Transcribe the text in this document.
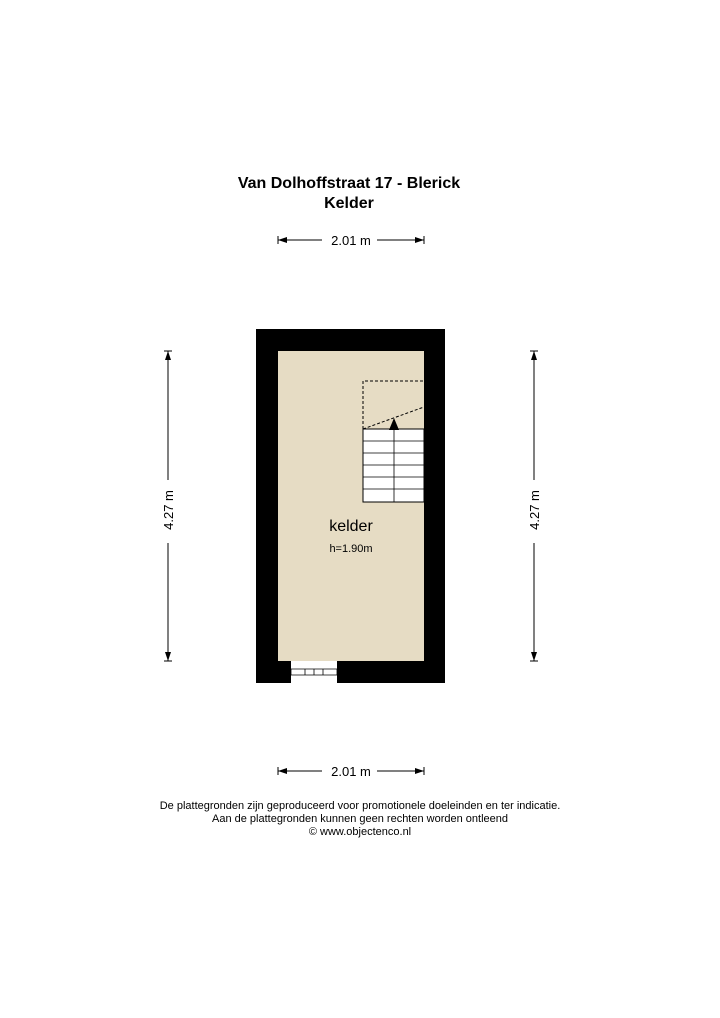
Van Dolhoffstraat 17 - Blerick
Kelder
2.01 m
2.01 m
4.27 m	4.27 m
kelder
h=1.90m
De plattegronden zijn geproduceerd voor promotionele doeleinden en ter indicatie.
Aan de plattegronden kunnen geen rechten worden ontleend
© www.objectenco.nl
